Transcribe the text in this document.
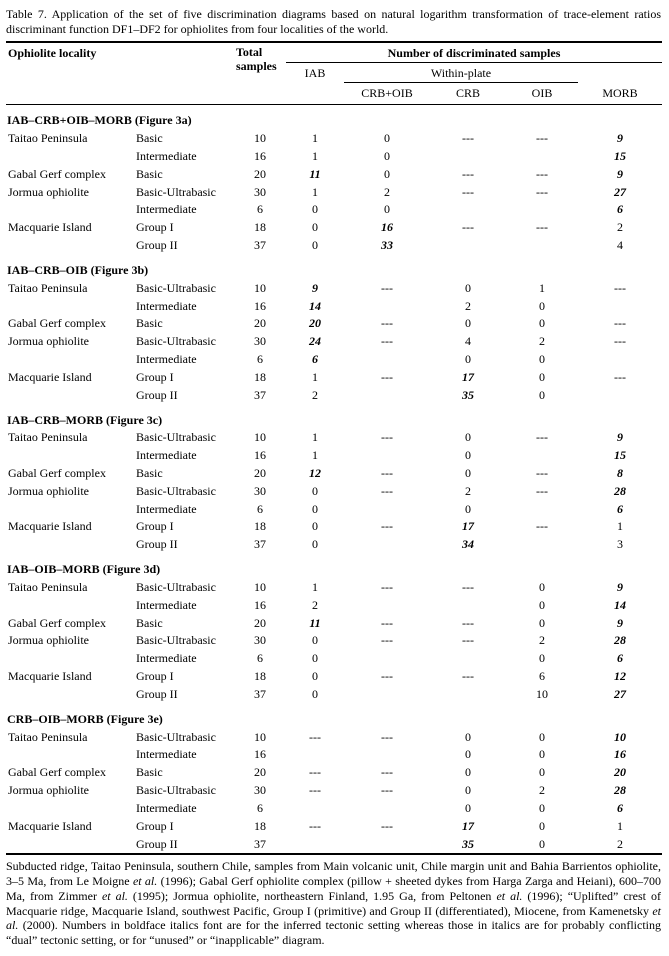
Table 7. Application of the set of five discrimination diagrams based on natural logarithm transformation of trace-element ratios discriminant function DF1–DF2 for ophiolites from four localities of the world.
Ophiolite locality		Total samples	Number of discriminated samples				
			IAB	Within-plate			MORB
				CRB+OIB	CRB	OIB	
IAB–CRB+OIB–MORB (Figure 3a)							
Taitao Peninsula	Basic	10	1	0	---	---	9
	Intermediate	16	1	0			15
Gabal Gerf complex	Basic	20	11	0	---	---	9
Jormua ophiolite	Basic-Ultrabasic	30	1	2	---	---	27
	Intermediate	6	0	0			6
Macquarie Island	Group I	18	0	16	---	---	2
	Group II	37	0	33			4
IAB–CRB–OIB (Figure 3b)							
Taitao Peninsula	Basic-Ultrabasic	10	9	---	0	1	---
	Intermediate	16	14		2	0	
Gabal Gerf complex	Basic	20	20	---	0	0	---
Jormua ophiolite	Basic-Ultrabasic	30	24	---	4	2	---
	Intermediate	6	6		0	0	
Macquarie Island	Group I	18	1	---	17	0	---
	Group II	37	2		35	0	
IAB–CRB–MORB (Figure 3c)							
Taitao Peninsula	Basic-Ultrabasic	10	1	---	0	---	9
	Intermediate	16	1		0		15
Gabal Gerf complex	Basic	20	12	---	0	---	8
Jormua ophiolite	Basic-Ultrabasic	30	0	---	2	---	28
	Intermediate	6	0		0		6
Macquarie Island	Group I	18	0	---	17	---	1
	Group II	37	0		34		3
IAB–OIB–MORB (Figure 3d)							
Taitao Peninsula	Basic-Ultrabasic	10	1	---	---	0	9
	Intermediate	16	2			0	14
Gabal Gerf complex	Basic	20	11	---	---	0	9
Jormua ophiolite	Basic-Ultrabasic	30	0	---	---	2	28
	Intermediate	6	0			0	6
Macquarie Island	Group I	18	0	---	---	6	12
	Group II	37	0			10	27
CRB–OIB–MORB (Figure 3e)							
Taitao Peninsula	Basic-Ultrabasic	10	---	---	0	0	10
	Intermediate	16			0	0	16
Gabal Gerf complex	Basic	20	---	---	0	0	20
Jormua ophiolite	Basic-Ultrabasic	30	---	---	0	2	28
	Intermediate	6			0	0	6
Macquarie Island	Group I	18	---	---	17	0	1
	Group II	37			35	0	2
Subducted ridge, Taitao Peninsula, southern Chile, samples from Main volcanic unit, Chile margin unit and Bahia Barrientos ophiolite, 3–5 Ma, from Le Moigne et al. (1996); Gabal Gerf ophiolite complex (pillow + sheeted dykes from Harga Zarga and Heiani), 600–700 Ma, from Zimmer et al. (1995); Jormua ophiolite, northeastern Finland, 1.95 Ga, from Peltonen et al. (1996); “Uplifted” crest of Macquarie ridge, Macquarie Island, southwest Pacific, Group I (primitive) and Group II (differentiated), Miocene, from Kamenetsky et al. (2000). Numbers in boldface italics font are for the inferred tectonic setting whereas those in italics are for probably conflicting “dual” tectonic setting, or for “unused” or “inapplicable” diagram.
